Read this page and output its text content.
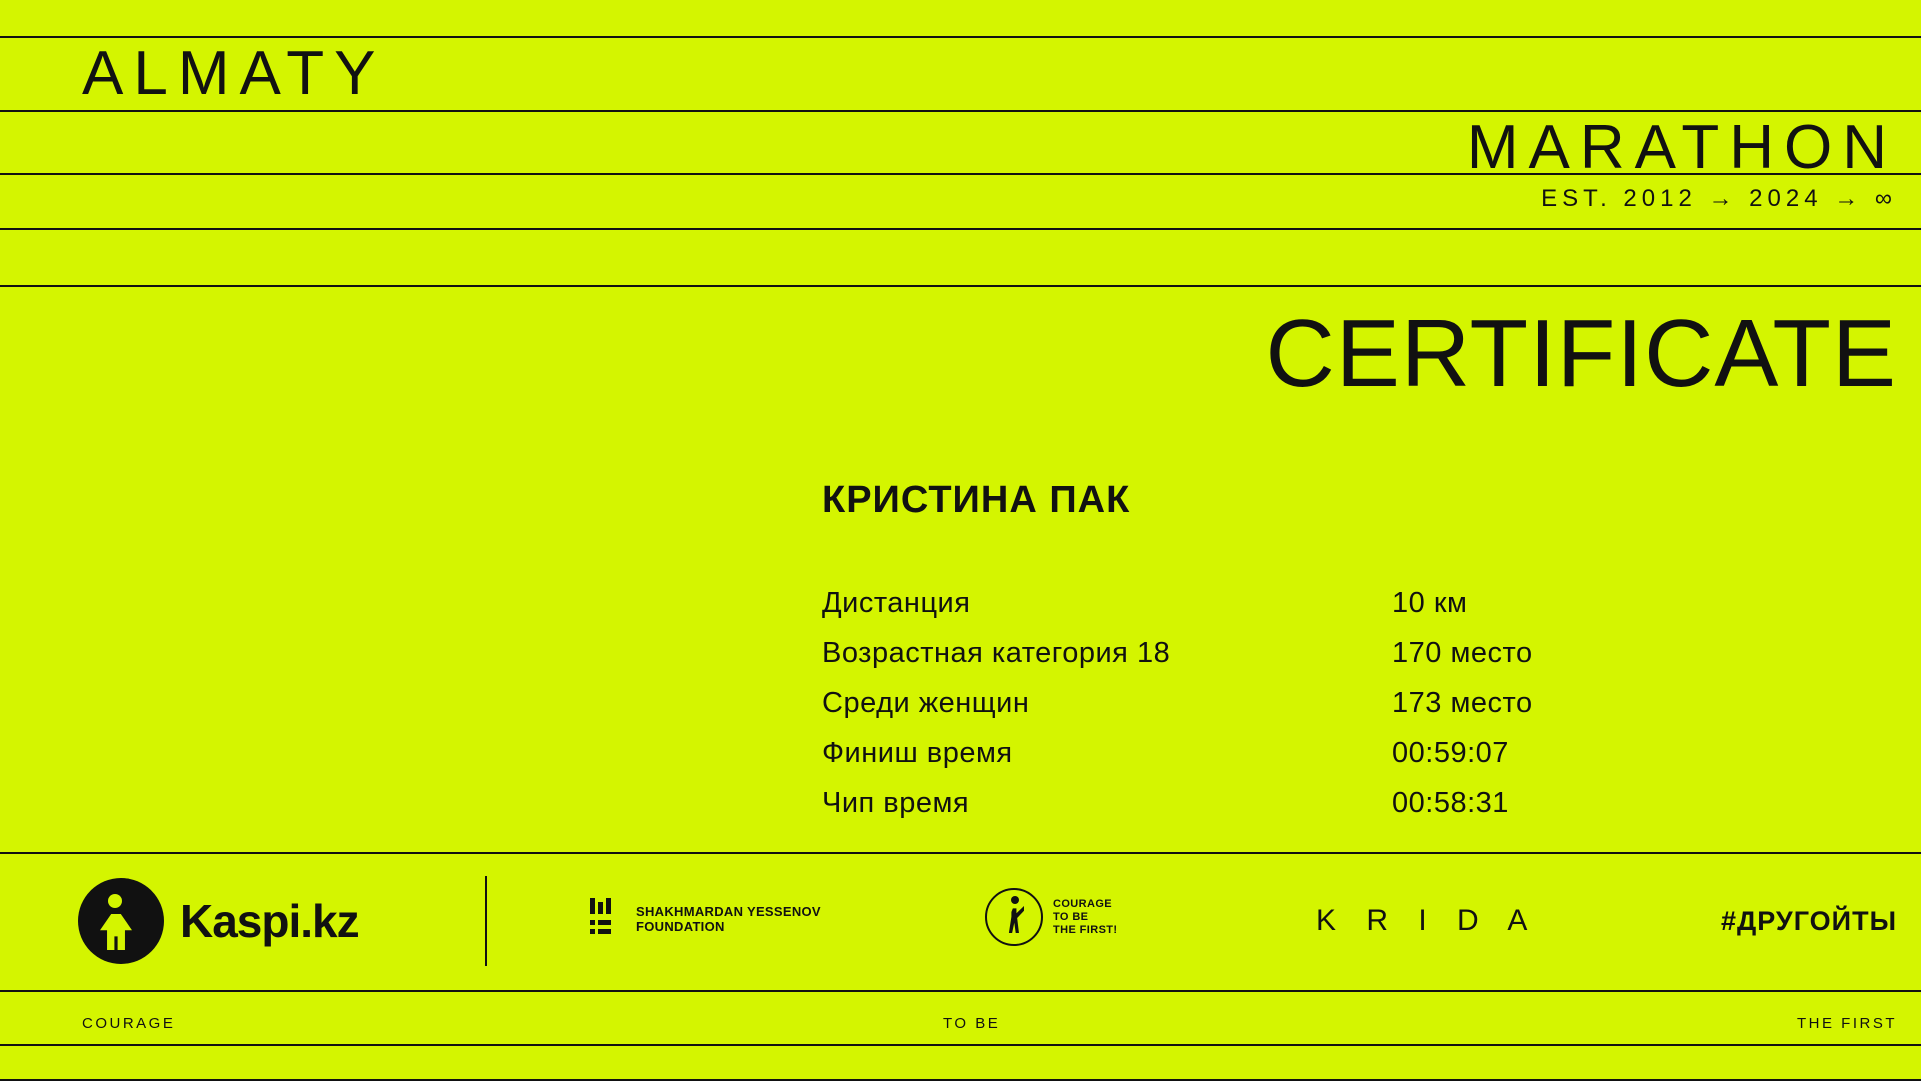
ALMATY
MARATHON
EST. 2012 → 2024 → ∞
CERTIFICATE
КРИСТИНА ПАК
Дистанция	10 км
Возрастная категория 18	170 место
Среди женщин	173 место
Финиш время	00:59:07
Чип время	00:58:31
Kaspi.kz	SHAKHMARDAN YESSENOV
FOUNDATION
COURAGE
TO BE
THE FIRST!	K R I D A	#ДРУГОЙТЫ
COURAGE	TO BE	THE FIRST
